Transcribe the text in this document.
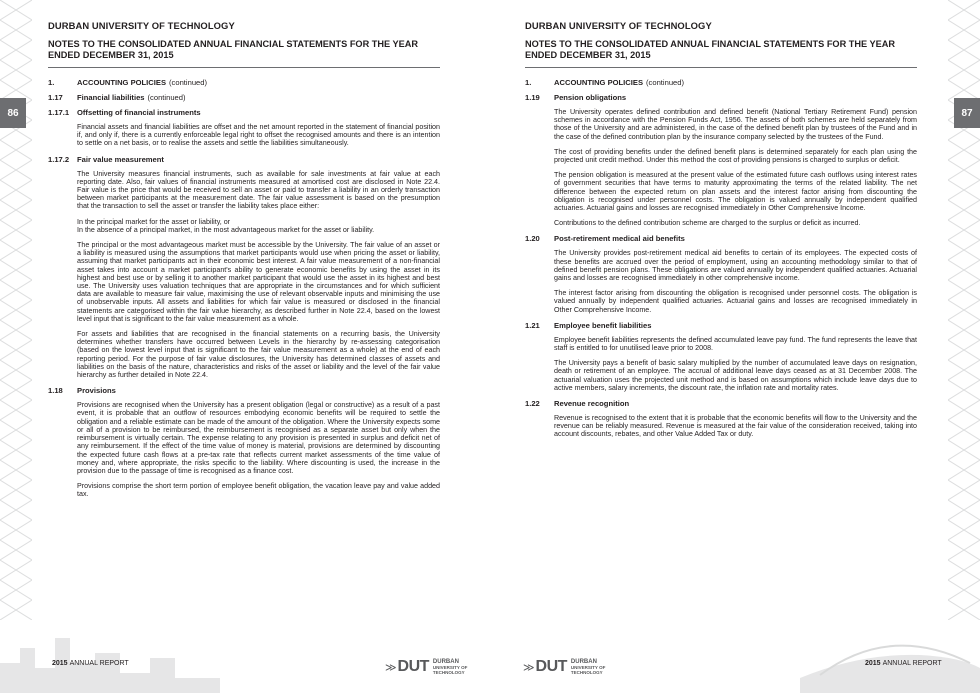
86	87
DURBAN UNIVERSITY OF TECHNOLOGY
NOTES TO THE CONSOLIDATED ANNUAL FINANCIAL STATEMENTS FOR THE YEAR
ENDED DECEMBER 31, 2015
1.	ACCOUNTING POLICIES (continued)
1.17	Financial liabilities (continued)
1.17.1	Offsetting of financial instruments

Financial assets and financial liabilities are offset and the net amount reported in the statement of financial position if, and only if, there is a currently enforceable legal right to offset the recognised amounts and there is an intention to settle on a net basis, or to realise the assets and settle the liabilities simultaneously.

1.17.2	Fair value measurement

The University measures financial instruments, such as available for sale investments at fair value at each reporting date. Also, fair values of financial instruments measured at amortised cost are disclosed in Note 22.4. Fair value is the price that would be received to sell an asset or paid to transfer a liability in an orderly transaction between market participants at the measurement date. The fair value assessment is based on the presumption that the transaction to sell the asset or transfer the liability takes place either:

In the principal market for the asset or liability, or
In the absence of a principal market, in the most advantageous market for the asset or liability.

The principal or the most advantageous market must be accessible by the University. The fair value of an asset or a liability is measured using the assumptions that market participants would use when pricing the asset or liability, assuming that market participants act in their economic best interest. A fair value measurement of a non-financial asset takes into account a market participant's ability to generate economic benefits by using the asset in its highest and best use or by selling it to another market participant that would use the asset in its highest and best use. The University uses valuation techniques that are appropriate in the circumstances and for which sufficient data are available to measure fair value, maximising the use of relevant observable inputs and minimising the use of unobservable inputs. All assets and liabilities for which fair value is measured or disclosed in the financial statements are categorised within the fair value hierarchy, as described further in Note 22.4, based on the lowest level input that is significant to the fair value measurement as a whole.

For assets and liabilities that are recognised in the financial statements on a recurring basis, the University determines whether transfers have occurred between Levels in the hierarchy by re-assessing categorisation (based on the lowest level input that is significant to the fair value measurement as a whole) at the end of each reporting period. For the purpose of fair value disclosures, the University has determined classes of assets and liabilities on the basis of the nature, characteristics and risks of the asset or liability and the level of the fair value hierarchy as further detailed in Note 22.4.

1.18	Provisions

Provisions are recognised when the University has a present obligation (legal or constructive) as a result of a past event, it is probable that an outflow of resources embodying economic benefits will be required to settle the obligation and a reliable estimate can be made of the amount of the obligation. Where the University expects some or all of a provision to be reimbursed, the reimbursement is recognised as a separate asset but only when the reimbursement is virtually certain. The expense relating to any provision is presented in surplus and deficit net of any reimbursement. If the effect of the time value of money is material, provisions are determined by discounting the expected future cash flows at a pre-tax rate that reflects current market assessments of the time value of money and, where appropriate, the risks specific to the liability. Where discounting is used, the increase in the provision due to the passage of time is recognised as a finance cost.

Provisions comprise the short term portion of employee benefit obligation, the vacation leave pay and value added tax.

DURBAN UNIVERSITY OF TECHNOLOGY
NOTES TO THE CONSOLIDATED ANNUAL FINANCIAL STATEMENTS FOR THE YEAR
ENDED DECEMBER 31, 2015
1.	ACCOUNTING POLICIES (continued)
1.19	Pension obligations

The University operates defined contribution and defined benefit (National Tertiary Retirement Fund) pension schemes in accordance with the Pension Funds Act, 1956. The assets of both schemes are held separately from those of the University and are administered, in the case of the defined benefit plan by trustees of the Fund and in the case of the defined contribution plan by the insurance company selected by the trustees of the Fund.

The cost of providing benefits under the defined benefit plans is determined separately for each plan using the projected unit credit method. Under this method the cost of providing pensions is charged to surplus or deficit.

The pension obligation is measured at the present value of the estimated future cash outflows using interest rates of government securities that have terms to maturity approximating the terms of the related liability. The net difference between the expected return on plan assets and the interest factor arising from discounting the obligation is recognised under personnel costs. The obligation is valued annually by independent qualified actuaries. Actuarial gains and losses are recognised immediately in Other Comprehensive Income.

Contributions to the defined contribution scheme are charged to the surplus or deficit as incurred.

1.20	Post-retirement medical aid benefits

The University provides post-retirement medical aid benefits to certain of its employees. The expected costs of these benefits are accrued over the period of employment, using an accounting methodology similar to that of defined benefit pension plans. These obligations are valued annually by independent qualified actuaries. Actuarial gains and losses are recognised immediately in other comprehensive income.

The interest factor arising from discounting the obligation is recognised under personnel costs. The obligation is valued annually by independent qualified actuaries. Actuarial gains and losses are recognised immediately in Other Comprehensive Income.

1.21	Employee benefit liabilities

Employee benefit liabilities represents the defined accumulated leave pay fund. The fund represents the leave that staff is entitled to for unutilised leave prior to 2008.

The University pays a benefit of basic salary multiplied by the number of accumulated leave days on resignation, death or retirement of an employee. The accrual of additional leave days ceased as at 31 December 2008. The actuarial valuation uses the projected unit method and is based on assumptions which include leave days due to active members, salary increments, the discount rate, the inflation rate and mortality rates.

1.22	Revenue recognition

Revenue is recognised to the extent that it is probable that the economic benefits will flow to the University and the revenue can be reliably measured. Revenue is measured at the fair value of the consideration received, taking into account discounts, rebates, and other Value Added Tax or duty.

2015 ANNUAL REPORT	2015 ANNUAL REPORT
≫ DUT DURBAN
UNIVERSITY OF
TECHNOLOGY	≫ DUT DURBAN
UNIVERSITY OF
TECHNOLOGY
